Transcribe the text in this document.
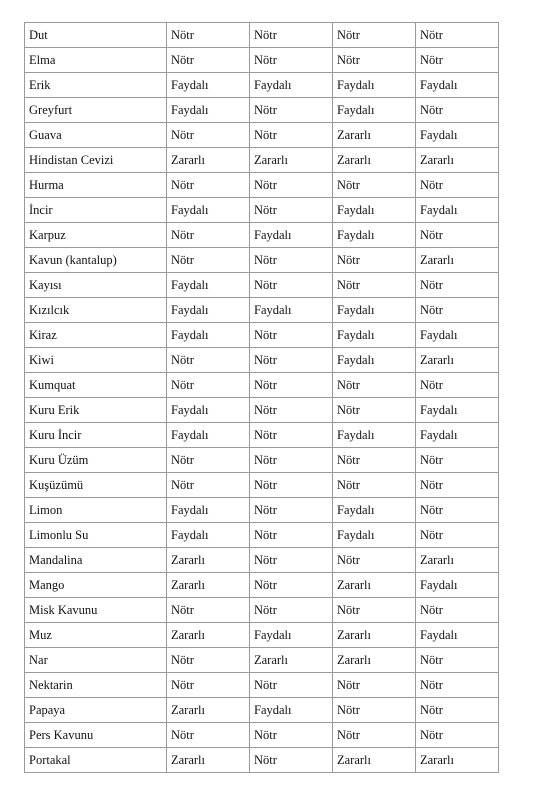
Dut	Nötr	Nötr	Nötr	Nötr
Elma	Nötr	Nötr	Nötr	Nötr
Erik	Faydalı	Faydalı	Faydalı	Faydalı
Greyfurt	Faydalı	Nötr	Faydalı	Nötr
Guava	Nötr	Nötr	Zararlı	Faydalı
Hindistan Cevizi	Zararlı	Zararlı	Zararlı	Zararlı
Hurma	Nötr	Nötr	Nötr	Nötr
İncir	Faydalı	Nötr	Faydalı	Faydalı
Karpuz	Nötr	Faydalı	Faydalı	Nötr
Kavun (kantalup)	Nötr	Nötr	Nötr	Zararlı
Kayısı	Faydalı	Nötr	Nötr	Nötr
Kızılcık	Faydalı	Faydalı	Faydalı	Nötr
Kiraz	Faydalı	Nötr	Faydalı	Faydalı
Kiwi	Nötr	Nötr	Faydalı	Zararlı
Kumquat	Nötr	Nötr	Nötr	Nötr
Kuru Erik	Faydalı	Nötr	Nötr	Faydalı
Kuru İncir	Faydalı	Nötr	Faydalı	Faydalı
Kuru Üzüm	Nötr	Nötr	Nötr	Nötr
Kuşüzümü	Nötr	Nötr	Nötr	Nötr
Limon	Faydalı	Nötr	Faydalı	Nötr
Limonlu Su	Faydalı	Nötr	Faydalı	Nötr
Mandalina	Zararlı	Nötr	Nötr	Zararlı
Mango	Zararlı	Nötr	Zararlı	Faydalı
Misk Kavunu	Nötr	Nötr	Nötr	Nötr
Muz	Zararlı	Faydalı	Zararlı	Faydalı
Nar	Nötr	Zararlı	Zararlı	Nötr
Nektarin	Nötr	Nötr	Nötr	Nötr
Papaya	Zararlı	Faydalı	Nötr	Nötr
Pers Kavunu	Nötr	Nötr	Nötr	Nötr
Portakal	Zararlı	Nötr	Zararlı	Zararlı
